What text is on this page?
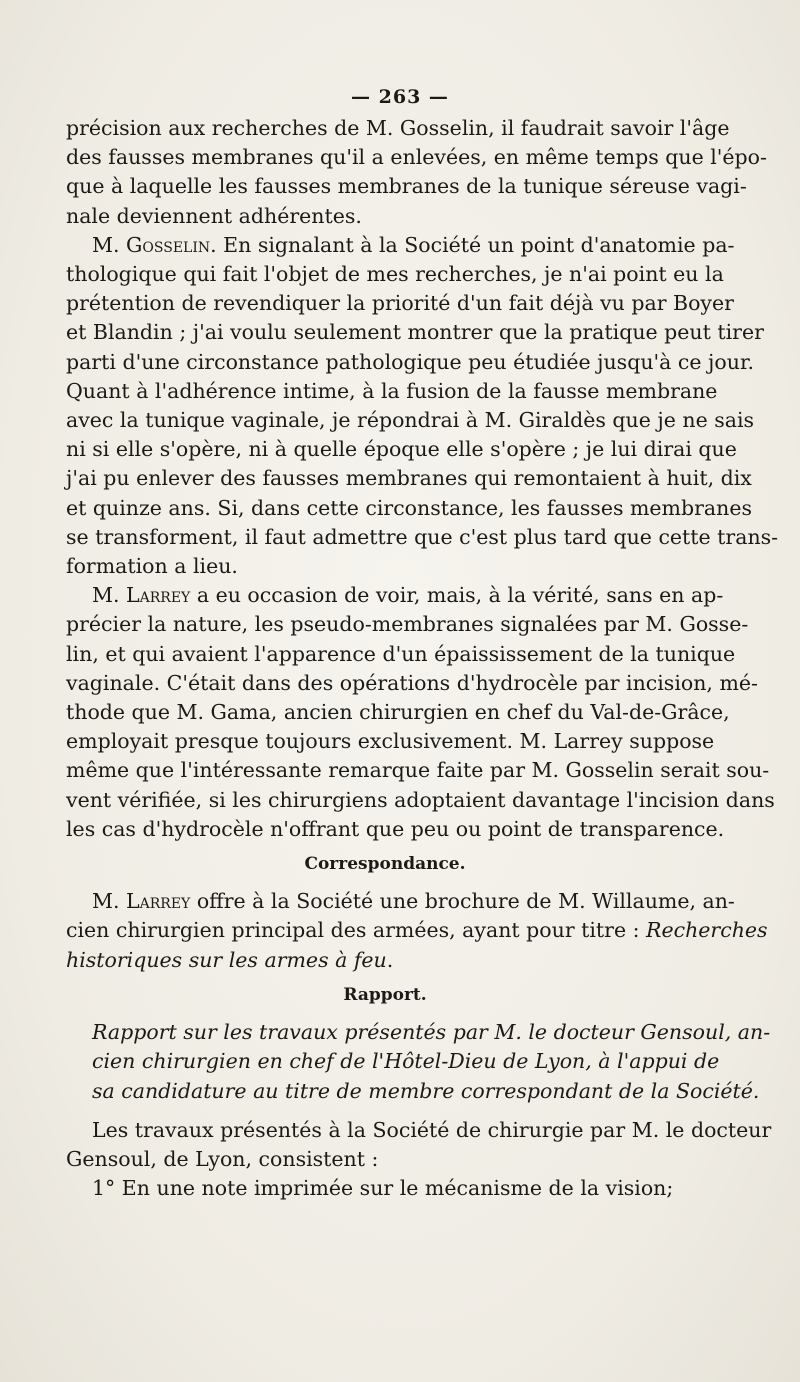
— 263 —
précision aux recherches de M. Gosselin, il faudrait savoir l'âge
des fausses membranes qu'il a enlevées, en même temps que l'épo-
que à laquelle les fausses membranes de la tunique séreuse vagi-
nale deviennent adhérentes.
M. Gosselin. En signalant à la Société un point d'anatomie pa-
thologique qui fait l'objet de mes recherches, je n'ai point eu la
prétention de revendiquer la priorité d'un fait déjà vu par Boyer
et Blandin ; j'ai voulu seulement montrer que la pratique peut tirer
parti d'une circonstance pathologique peu étudiée jusqu'à ce jour.
Quant à l'adhérence intime, à la fusion de la fausse membrane
avec la tunique vaginale, je répondrai à M. Giraldès que je ne sais
ni si elle s'opère, ni à quelle époque elle s'opère ; je lui dirai que
j'ai pu enlever des fausses membranes qui remontaient à huit, dix
et quinze ans. Si, dans cette circonstance, les fausses membranes
se transforment, il faut admettre que c'est plus tard que cette trans-
formation a lieu.
M. Larrey a eu occasion de voir, mais, à la vérité, sans en ap-
précier la nature, les pseudo-membranes signalées par M. Gosse-
lin, et qui avaient l'apparence d'un épaississement de la tunique
vaginale. C'était dans des opérations d'hydrocèle par incision, mé-
thode que M. Gama, ancien chirurgien en chef du Val-de-Grâce,
employait presque toujours exclusivement. M. Larrey suppose
même que l'intéressante remarque faite par M. Gosselin serait sou-
vent vérifiée, si les chirurgiens adoptaient davantage l'incision dans
les cas d'hydrocèle n'offrant que peu ou point de transparence.
Correspondance.
M. Larrey offre à la Société une brochure de M. Willaume, an-
cien chirurgien principal des armées, ayant pour titre : Recherches
historiques sur les armes à feu.
Rapport.
Rapport sur les travaux présentés par M. le docteur Gensoul, an-
cien chirurgien en chef de l'Hôtel-Dieu de Lyon, à l'appui de
sa candidature au titre de membre correspondant de la Société.
Les travaux présentés à la Société de chirurgie par M. le docteur
Gensoul, de Lyon, consistent :
1° En une note imprimée sur le mécanisme de la vision;
